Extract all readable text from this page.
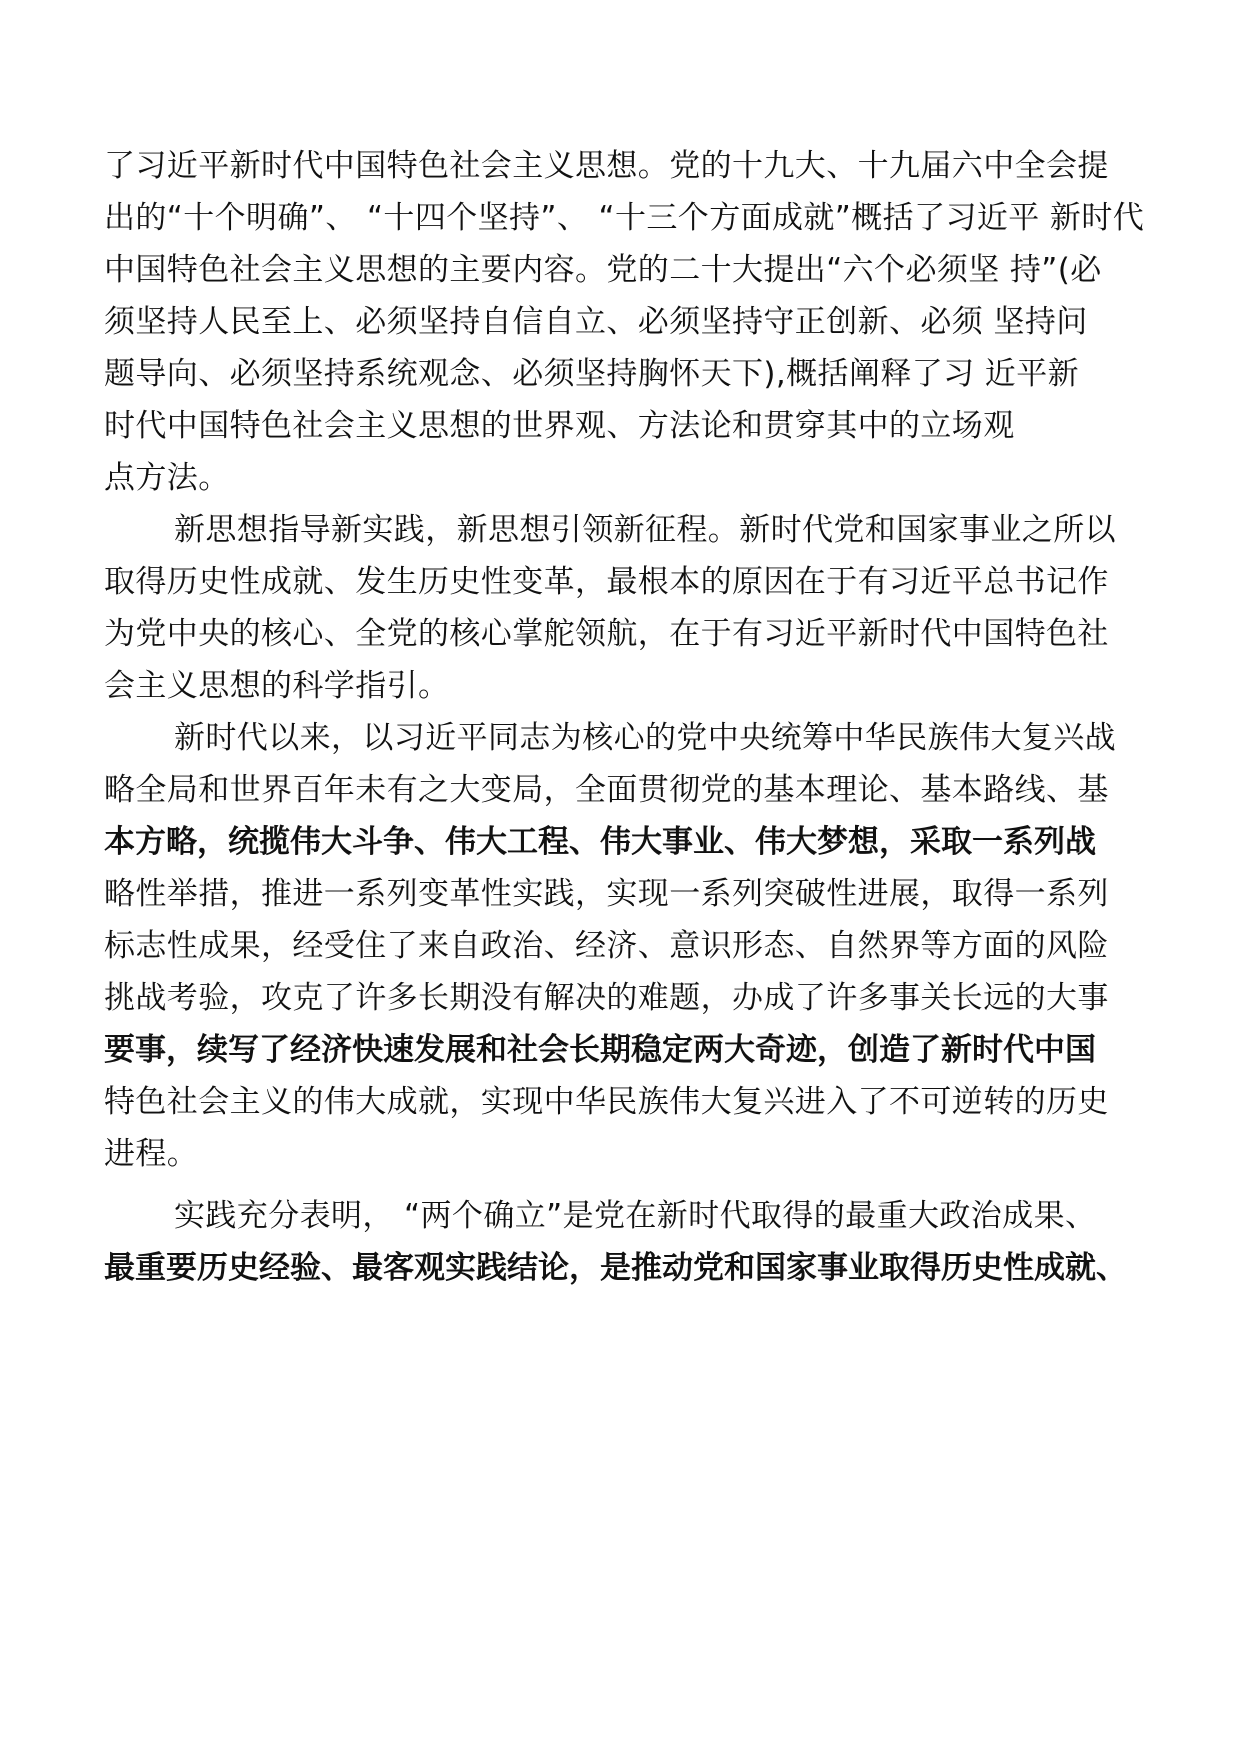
了习近平新时代中国特色社会主义思想。党的十九大、十九届六中全会提
出的“十个明确”、 “十四个坚持”、 “十三个方面成就”概括了习近平 新时代
中国特色社会主义思想的主要内容。党的二十大提出“六个必须坚 持”(必
须坚持人民至上、必须坚持自信自立、必须坚持守正创新、必须 坚持问
题导向、必须坚持系统观念、必须坚持胸怀天下),概括阐释了习 近平新
时代中国特色社会主义思想的世界观、方法论和贯穿其中的立场观
点方法。
新思想指导新实践，新思想引领新征程。新时代党和国家事业之所以
取得历史性成就、发生历史性变革，最根本的原因在于有习近平总书记作
为党中央的核心、全党的核心掌舵领航，在于有习近平新时代中国特色社
会主义思想的科学指引。
新时代以来，以习近平同志为核心的党中央统筹中华民族伟大复兴战
略全局和世界百年未有之大变局，全面贯彻党的基本理论、基本路线、基
本方略，统揽伟大斗争、伟大工程、伟大事业、伟大梦想，采取一系列战
略性举措，推进一系列变革性实践，实现一系列突破性进展，取得一系列
标志性成果，经受住了来自政治、经济、意识形态、自然界等方面的风险
挑战考验，攻克了许多长期没有解决的难题，办成了许多事关长远的大事
要事，续写了经济快速发展和社会长期稳定两大奇迹，创造了新时代中国
特色社会主义的伟大成就，实现中华民族伟大复兴进入了不可逆转的历史
进程。
实践充分表明， “两个确立”是党在新时代取得的最重大政治成果、
最重要历史经验、最客观实践结论，是推动党和国家事业取得历史性成就、
